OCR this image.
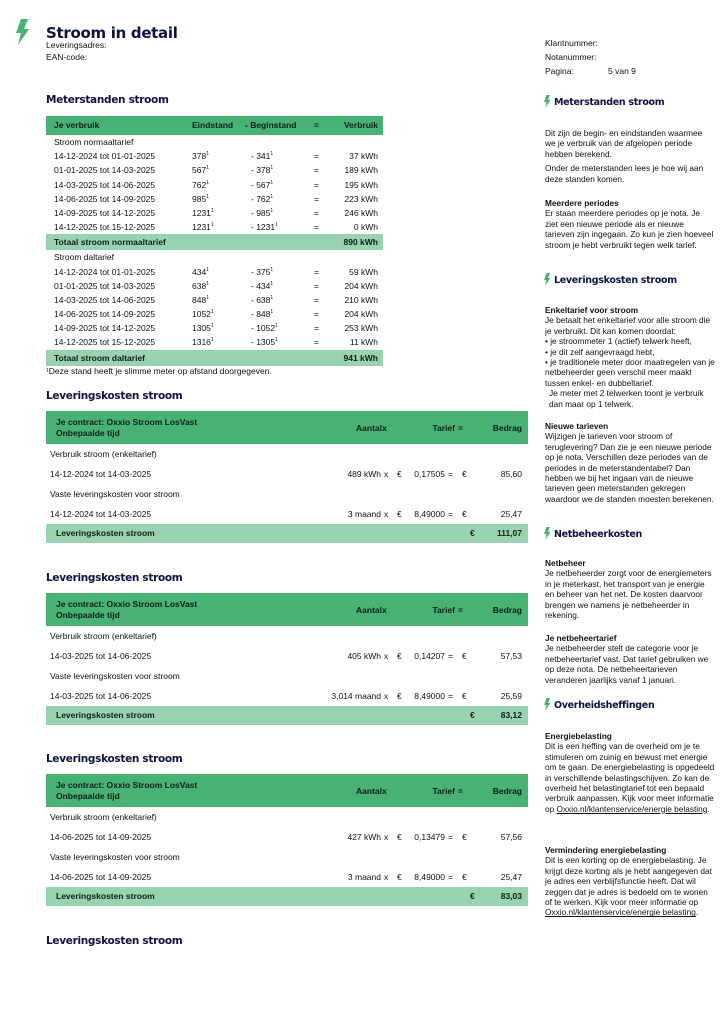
Stroom in detail
Leveringsadres:
EAN-code:
Klantnummer:
Notanummer:
Pagina:	5 van 9
Meterstanden stroom
Je verbruik	Eindstand - Beginstand =	Verbruik
Stroom normaaltarief
14-12-2024 tot 01-01-2025	$378^1$	- $341^1$	=	37 kWh
01-01-2025 tot 14-03-2025	$567^1$	- $378^1$	=	189 kWh
14-03-2025 tot 14-06-2025	$762^1$	- $567^1$	=	195 kWh
14-06-2025 tot 14-09-2025	$985^1$	- $762^1$	=	223 kWh
14-09-2025 tot 14-12-2025	1231$^1$	- $985^1$	=	246 kWh
14-12-2025 tot 15-12-2025	1231$^1$	- $1231^1$	=	0 kWh
Totaal stroom normaaltarief	890 kWh
Stroom daltarief
14-12-2024 tot 01-01-2025	$434^1$	- $375^1$	=	59 kWh
01-01-2025 tot 14-03-2025	$638^1$	- $434^1$	=	204 kWh
14-03-2025 tot 14-06-2025	$848^1$	- $638^1$	=	210 kWh
14-06-2025 tot 14-09-2025	1052$^1$	- $848^1$	=	204 kWh
14-09-2025 tot 14-12-2025	1305$^1$	- $1052^1$	=	253 kWh
14-12-2025 tot 15-12-2025	1316$^1$	- $1305^1$	=	11 kWh
Totaal stroom daltarief	941 kWh
$^1$Deze stand heeft je slimme meter op afstand doorgegeven.
Leveringskosten stroom
Je contract: Oxxio Stroom LosVast
Onbepaalde tijd	Aantal x	Tarief =	Bedrag
Verbruik stroom (enkeltarief)
14-12-2024 tot 14-03-2025	489 kWh x € 0,17505 = €	85,60
Vaste leveringskosten voor stroom
14-12-2024 tot 14-03-2025	3 maand x € 8,49000 = €	25,47
Leveringskosten stroom	€	111,07
Leveringskosten stroom
Je contract: Oxxio Stroom LosVast
Onbepaalde tijd	Aantal x	Tarief =	Bedrag
Verbruik stroom (enkeltarief)
14-03-2025 tot 14-06-2025	405 kWh x € 0,14207 = €	57,53
Vaste leveringskosten voor stroom
14-03-2025 tot 14-06-2025	3,014 maand x € 8,49000 = €	25,59
Leveringskosten stroom	€	83,12
Leveringskosten stroom
Je contract: Oxxio Stroom LosVast
Onbepaalde tijd	Aantal x	Tarief =	Bedrag
Verbruik stroom (enkeltarief)
14-06-2025 tot 14-09-2025	427 kWh x € 0,13479 = €	57,56
Vaste leveringskosten voor stroom
14-06-2025 tot 14-09-2025	3 maand x € 8,49000 = €	25,47
Leveringskosten stroom	€	83,03
Leveringskosten stroom
Meterstanden stroom

Dit zijn de begin- en eindstanden waarmee we je verbruik van de afgelopen periode hebben berekend.

Onder de meterstanden lees je hoe wij aan deze standen komen.

Meerdere periodes

Er staan meerdere periodes op je nota. Je ziet een nieuwe periode als er nieuwe tarieven zijn ingegaan. Zo kun je zien hoeveel stroom je hebt verbruikt tegen welk tarief.

Leveringskosten stroom
Enkeltarief voor stroom
Je betaalt het enkeltarief voor alle stroom die je verbruikt. Dit kan komen doordat:
• je stroommeter 1 (actief) telwerk heeft,
• je dit zelf aangevraagd hebt,
• je traditionele meter door maatregelen van je netbeheerder geen verschil meer maakt tussen enkel- en dubbeltarief.
Je meter met 2 telwerken toont je verbruik dan maar op 1 telwerk.
Nieuwe tarieven

Wijzigen je tarieven voor stroom of teruglevering? Dan zie je een nieuwe periode op je nota. Verschillen deze periodes van de periodes in de meterstandentabel? Dan hebben we bij het ingaan van de nieuwe tarieven geen meterstanden gekregen waardoor we de standen moesten berekenen.

Netbeheerkosten
Netbeheer

Je netbeheerder zorgt voor de energiemeters in je meterkast, het transport van je energie en beheer van het net. De kosten daarvoor brengen we namens je netbeheerder in rekening.

Je netbeheertarief

Je netbeheerder stelt de categorie voor je netbeheertarief vast. Dat tarief gebruiken we op deze nota. De netbeheertarieven veranderen jaarlijks vanaf 1 januari.

Overheidsheffingen
Energiebelasting

Dit is een heffing van de overheid om je te stimuleren om zuinig en bewust met energie om te gaan. De energiebelasting is opgedeeld in verschillende belastingschijven. Zo kan de overheid het belastingtarief tot een bepaald verbruik aanpassen. Kijk voor meer informatie op Oxxio.nl/klantenservice/energie belasting.

Vermindering energiebelasting

Dit is een korting op de energiebelasting. Je krijgt deze korting als je hebt aangegeven dat je adres een verblijfsfunctie heeft. Dat wil zeggen dat je adres is bedoeld om te wonen of te werken. Kijk voor meer informatie op Oxxio.nl/klantenservice/energie belasting.
